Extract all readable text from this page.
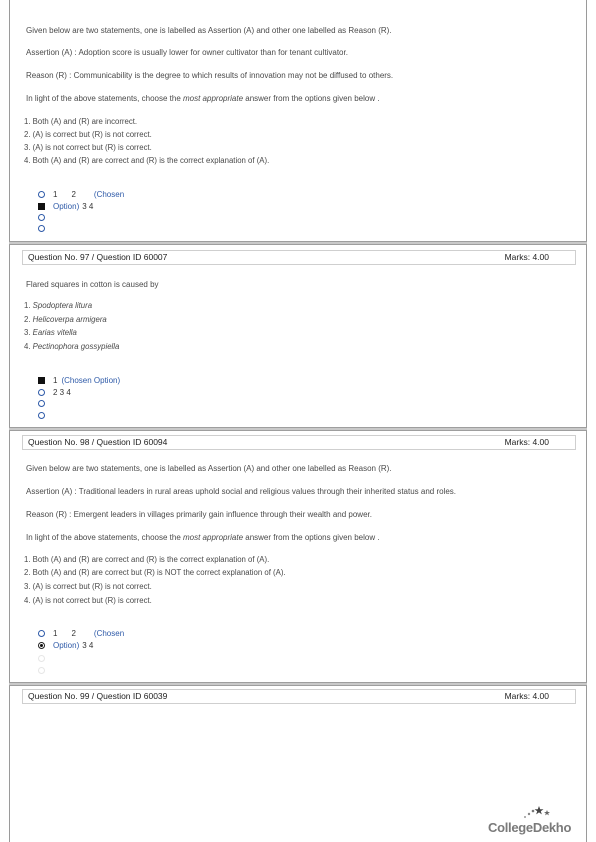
Given below are two statements, one is labelled as Assertion (A) and other one labelled as Reason (R).
Assertion (A) : Adoption score is usually lower for owner cultivator than for tenant cultivator.
Reason (R) : Communicability is the degree to which results of innovation may not be diffused to others.
In light of the above statements, choose the most appropriate answer from the options given below .
1. Both (A) and (R) are incorrect.
2. (A) is correct but (R) is not correct.
3. (A) is not correct but (R) is correct.
4. Both (A) and (R) are correct and (R) is the correct explanation of (A).
1 2 (Chosen
Option) 3 4
Question No. 97 / Question ID 60007	Marks: 4.00
Flared squares in cotton is caused by
1. Spodoptera litura
2. Helicoverpa armigera
3. Earias vitella
4. Pectinophora gossypiella
1 (Chosen Option)
2 3 4
Question No. 98 / Question ID 60094	Marks: 4.00
Given below are two statements, one is labelled as Assertion (A) and other one labelled as Reason (R).
Assertion (A) : Traditional leaders in rural areas uphold social and religious values through their inherited status and roles.
Reason (R) : Emergent leaders in villages primarily gain influence through their wealth and power.
In light of the above statements, choose the most appropriate answer from the options given below .
1. Both (A) and (R) are correct and (R) is the correct explanation of (A).
2. Both (A) and (R) are correct but (R) is NOT the correct explanation of (A).
3. (A) is correct but (R) is not correct.
4. (A) is not correct but (R) is correct.
1 2 (Chosen
Option) 3 4
Question No. 99 / Question ID 60039	Marks: 4.00
CollegeDekho
